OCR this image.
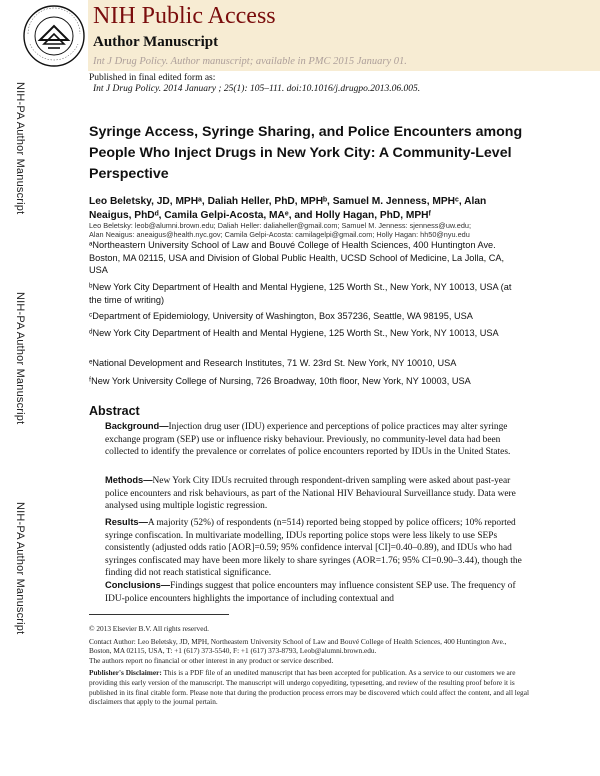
NIH Public Access
Author Manuscript
Int J Drug Policy. Author manuscript; available in PMC 2015 January 01.
NIH-PA Author Manuscript
NIH-PA Author Manuscript
NIH-PA Author Manuscript
Published in final edited form as:
Int J Drug Policy. 2014 January ; 25(1): 105–111. doi:10.1016/j.drugpo.2013.06.005.
Syringe Access, Syringe Sharing, and Police Encounters among People Who Inject Drugs in New York City: A Community-Level Perspective
Leo Beletsky, JD, MPHᵃ, Daliah Heller, PhD, MPHᵇ, Samuel M. Jenness, MPHᶜ, Alan
Neaigus, PhDᵈ, Camila Gelpi-Acosta, MAᵉ, and Holly Hagan, PhD, MPHᶠ
Leo Beletsky: leob@alumni.brown.edu; Daliah Heller: daliaheller@gmail.com; Samuel M. Jenness: sjenness@uw.edu;
Alan Neaigus: aneaigus@health.nyc.gov; Camila Gelpi-Acosta: camilagelpi@gmail.com; Holly Hagan: hh50@nyu.edu
ᵃNortheastern University School of Law and Bouvé College of Health Sciences, 400 Huntington Ave. Boston, MA 02115, USA and Division of Global Public Health, UCSD School of Medicine, La Jolla, CA, USA
ᵇNew York City Department of Health and Mental Hygiene, 125 Worth St., New York, NY 10013, USA (at the time of writing)
ᶜDepartment of Epidemiology, University of Washington, Box 357236, Seattle, WA 98195, USA
ᵈNew York City Department of Health and Mental Hygiene, 125 Worth St., New York, NY 10013, USA
ᵉNational Development and Research Institutes, 71 W. 23rd St. New York, NY 10010, USA
ᶠNew York University College of Nursing, 726 Broadway, 10th floor, New York, NY 10003, USA
Abstract
Background—Injection drug user (IDU) experience and perceptions of police practices may alter syringe exchange program (SEP) use or influence risky behaviour. Previously, no community-level data had been collected to identify the prevalence or correlates of police encounters reported by IDUs in the United States.
Methods—New York City IDUs recruited through respondent-driven sampling were asked about past-year police encounters and risk behaviours, as part of the National HIV Behavioural Surveillance study. Data were analysed using multiple logistic regression.
Results—A majority (52%) of respondents (n=514) reported being stopped by police officers; 10% reported syringe confiscation. In multivariate modelling, IDUs reporting police stops were less likely to use SEPs consistently (adjusted odds ratio [AOR]=0.59; 95% confidence interval [CI]=0.40–0.89), and IDUs who had syringes confiscated may have been more likely to share syringes (AOR=1.76; 95% CI=0.90–3.44), though the finding did not reach statistical significance.
Conclusions—Findings suggest that police encounters may influence consistent SEP use. The frequency of IDU-police encounters highlights the importance of including contextual and

© 2013 Elsevier B.V. All rights reserved.

Contact Author: Leo Beletsky, JD, MPH, Northeastern University School of Law and Bouvé College of Health Sciences, 400 Huntington Ave., Boston, MA 02115, USA, T: +1 (617) 373-5540, F: +1 (617) 373-8793, Leob@alumni.brown.edu.
The authors report no financial or other interest in any product or service described.

Publisher's Disclaimer: This is a PDF file of an unedited manuscript that has been accepted for publication. As a service to our customers we are providing this early version of the manuscript. The manuscript will undergo copyediting, typesetting, and review of the resulting proof before it is published in its final citable form. Please note that during the production process errors may be discovered which could affect the content, and all legal disclaimers that apply to the journal pertain.
